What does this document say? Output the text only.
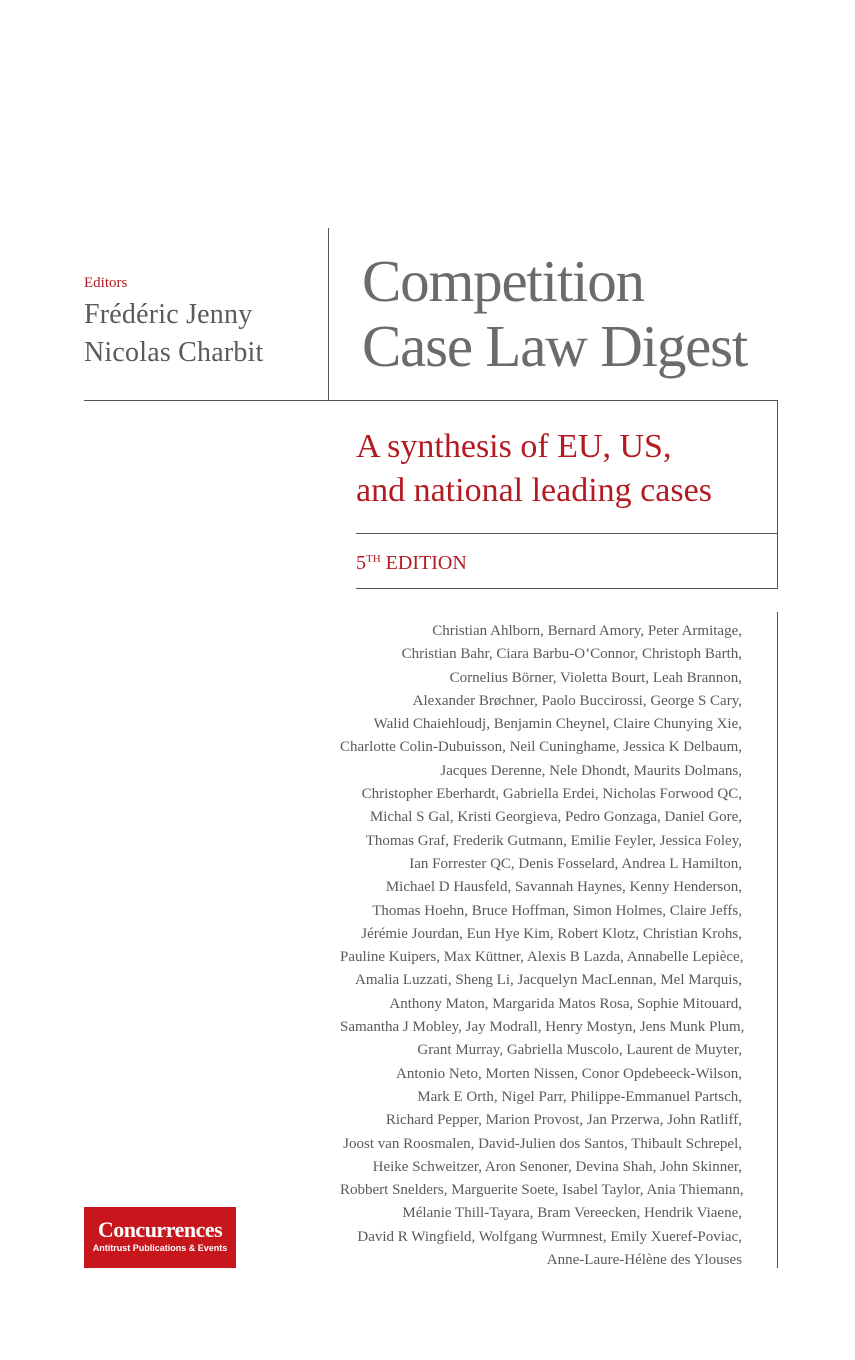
Editors
Frédéric Jenny
Nicolas Charbit
Competition
Case Law Digest
A synthesis of EU, US,
and national leading cases
5TH EDITION
Christian Ahlborn, Bernard Amory, Peter Armitage,
Christian Bahr, Ciara Barbu-O’Connor, Christoph Barth,
Cornelius Börner, Violetta Bourt, Leah Brannon,
Alexander Brøchner, Paolo Buccirossi, George S Cary,
Walid Chaiehloudj, Benjamin Cheynel, Claire Chunying Xie,
Charlotte Colin-Dubuisson, Neil Cuninghame, Jessica K Delbaum,
Jacques Derenne, Nele Dhondt, Maurits Dolmans,
Christopher Eberhardt, Gabriella Erdei, Nicholas Forwood QC,
Michal S Gal, Kristi Georgieva, Pedro Gonzaga, Daniel Gore,
Thomas Graf, Frederik Gutmann, Emilie Feyler, Jessica Foley,
Ian Forrester QC, Denis Fosselard, Andrea L Hamilton,
Michael D Hausfeld, Savannah Haynes, Kenny Henderson,
Thomas Hoehn, Bruce Hoffman, Simon Holmes, Claire Jeffs,
Jérémie Jourdan, Eun Hye Kim, Robert Klotz, Christian Krohs,
Pauline Kuipers, Max Küttner, Alexis B Lazda, Annabelle Lepièce,
Amalia Luzzati, Sheng Li, Jacquelyn MacLennan, Mel Marquis,
Anthony Maton, Margarida Matos Rosa, Sophie Mitouard,
Samantha J Mobley, Jay Modrall, Henry Mostyn, Jens Munk Plum,
Grant Murray, Gabriella Muscolo, Laurent de Muyter,
Antonio Neto, Morten Nissen, Conor Opdebeeck-Wilson,
Mark E Orth, Nigel Parr, Philippe-Emmanuel Partsch,
Richard Pepper, Marion Provost, Jan Przerwa, John Ratliff,
Joost van Roosmalen, David-Julien dos Santos, Thibault Schrepel,
Heike Schweitzer, Aron Senoner, Devina Shah, John Skinner,
Robbert Snelders, Marguerite Soete, Isabel Taylor, Ania Thiemann,
Mélanie Thill-Tayara, Bram Vereecken, Hendrik Viaene,
David R Wingfield, Wolfgang Wurmnest, Emily Xueref-Poviac,
Anne-Laure-Hélène des Ylouses
Concurrences
Antitrust Publications & Events
